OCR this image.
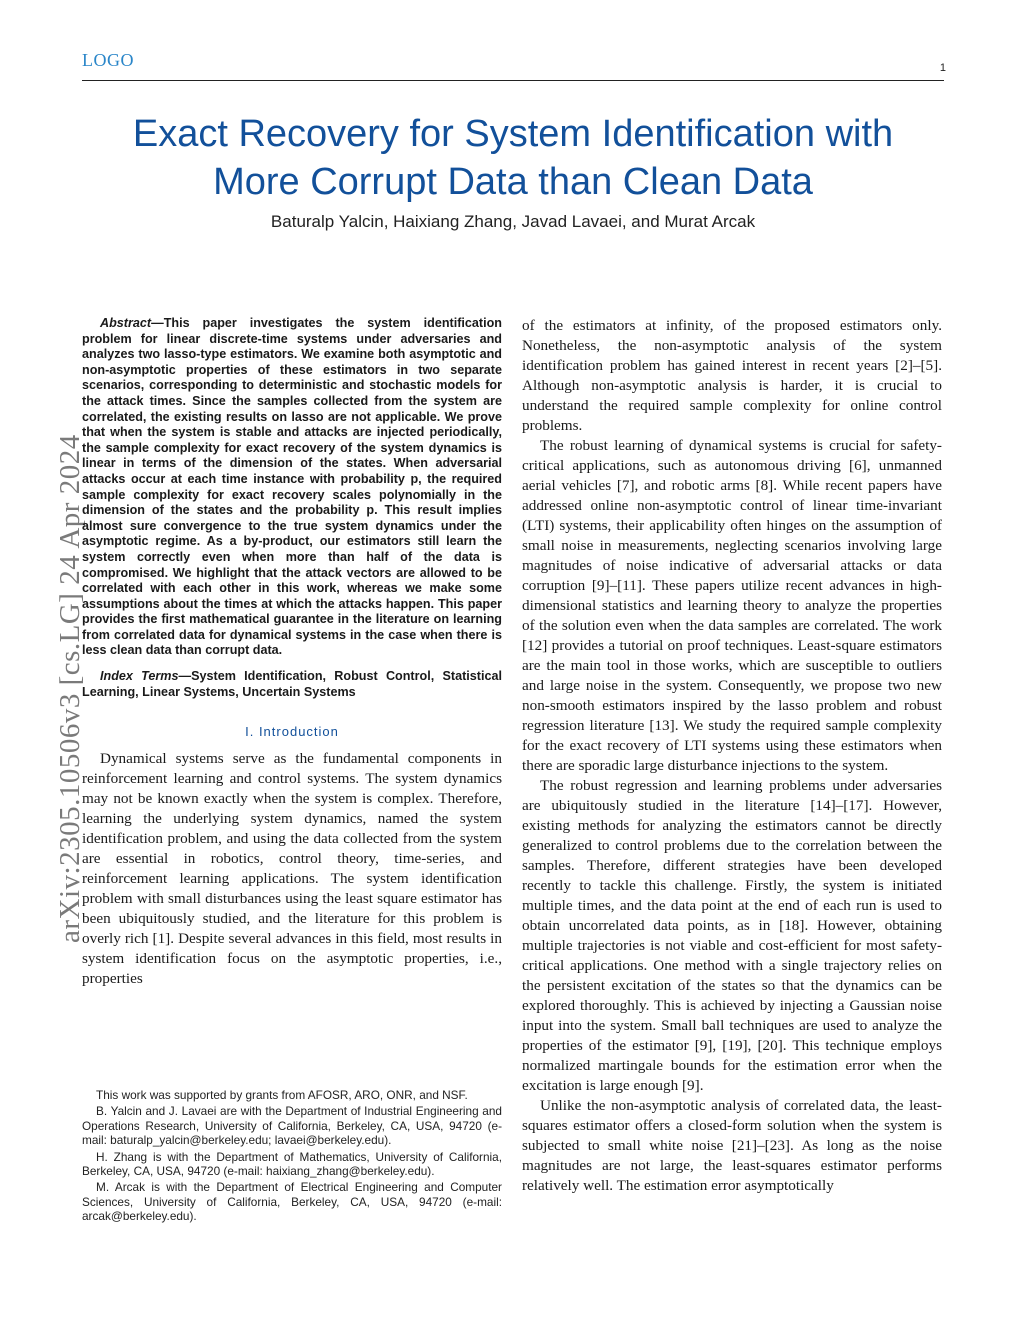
LOGO	1
Exact Recovery for System Identification with
More Corrupt Data than Clean Data
Baturalp Yalcin, Haixiang Zhang, Javad Lavaei, and Murat Arcak
arXiv:2305.10506v3 [cs.LG] 24 Apr 2024

Abstract—This paper investigates the system identification problem for linear discrete-time systems under adversaries and analyzes two lasso-type estimators. We examine both asymptotic and non-asymptotic properties of these estimators in two separate scenarios, corresponding to deterministic and stochastic models for the attack times. Since the samples collected from the system are correlated, the existing results on lasso are not applicable. We prove that when the system is stable and attacks are injected periodically, the sample complexity for exact recovery of the system dynamics is linear in terms of the dimension of the states. When adversarial attacks occur at each time instance with probability p, the required sample complexity for exact recovery scales polynomially in the dimension of the states and the probability p. This result implies almost sure convergence to the true system dynamics under the asymptotic regime. As a by-product, our estimators still learn the system correctly even when more than half of the data is compromised. We highlight that the attack vectors are allowed to be correlated with each other in this work, whereas we make some assumptions about the times at which the attacks happen. This paper provides the first mathematical guarantee in the literature on learning from correlated data for dynamical systems in the case when there is less clean data than corrupt data.

Index Terms—System Identification, Robust Control, Statistical Learning, Linear Systems, Uncertain Systems

I. Introduction

Dynamical systems serve as the fundamental components in reinforcement learning and control systems. The system dynamics may not be known exactly when the system is complex. Therefore, learning the underlying system dynamics, named the system identification problem, and using the data collected from the system are essential in robotics, control theory, time-series, and reinforcement learning applications. The system identification problem with small disturbances using the least square estimator has been ubiquitously studied, and the literature for this problem is overly rich [1]. Despite several advances in this field, most results in system identification focus on the asymptotic properties, i.e., properties

This work was supported by grants from AFOSR, ARO, ONR, and NSF.

B. Yalcin and J. Lavaei are with the Department of Industrial Engineering and Operations Research, University of California, Berkeley, CA, USA, 94720 (e-mail: baturalp_yalcin@berkeley.edu; lavaei@berkeley.edu).

H. Zhang is with the Department of Mathematics, University of California, Berkeley, CA, USA, 94720 (e-mail: haixiang_zhang@berkeley.edu).

M. Arcak is with the Department of Electrical Engineering and Computer Sciences, University of California, Berkeley, CA, USA, 94720 (e-mail: arcak@berkeley.edu).

of the estimators at infinity, of the proposed estimators only. Nonetheless, the non-asymptotic analysis of the system identification problem has gained interest in recent years [2]–[5]. Although non-asymptotic analysis is harder, it is crucial to understand the required sample complexity for online control problems.

The robust learning of dynamical systems is crucial for safety-critical applications, such as autonomous driving [6], unmanned aerial vehicles [7], and robotic arms [8]. While recent papers have addressed online non-asymptotic control of linear time-invariant (LTI) systems, their applicability often hinges on the assumption of small noise in measurements, neglecting scenarios involving large magnitudes of noise indicative of adversarial attacks or data corruption [9]–[11]. These papers utilize recent advances in high-dimensional statistics and learning theory to analyze the properties of the solution even when the data samples are correlated. The work [12] provides a tutorial on proof techniques. Least-square estimators are the main tool in those works, which are susceptible to outliers and large noise in the system. Consequently, we propose two new non-smooth estimators inspired by the lasso problem and robust regression literature [13]. We study the required sample complexity for the exact recovery of LTI systems using these estimators when there are sporadic large disturbance injections to the system.

The robust regression and learning problems under adversaries are ubiquitously studied in the literature [14]–[17]. However, existing methods for analyzing the estimators cannot be directly generalized to control problems due to the correlation between the samples. Therefore, different strategies have been developed recently to tackle this challenge. Firstly, the system is initiated multiple times, and the data point at the end of each run is used to obtain uncorrelated data points, as in [18]. However, obtaining multiple trajectories is not viable and cost-efficient for most safety-critical applications. One method with a single trajectory relies on the persistent excitation of the states so that the dynamics can be explored thoroughly. This is achieved by injecting a Gaussian noise input into the system. Small ball techniques are used to analyze the properties of the estimator [9], [19], [20]. This technique employs normalized martingale bounds for the estimation error when the excitation is large enough [9].

Unlike the non-asymptotic analysis of correlated data, the least-squares estimator offers a closed-form solution when the system is subjected to small white noise [21]–[23]. As long as the noise magnitudes are not large, the least-squares estimator performs relatively well. The estimation error asymptotically
